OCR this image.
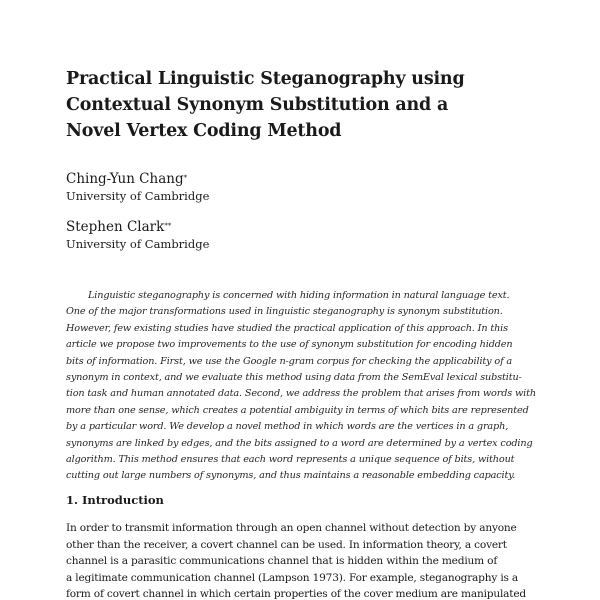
Practical Linguistic Steganography using
Contextual Synonym Substitution and a
Novel Vertex Coding Method
Ching-Yun Chang*
University of Cambridge
Stephen Clark**
University of Cambridge
Linguistic steganography is concerned with hiding information in natural language text.
One of the major transformations used in linguistic steganography is synonym substitution.
However, few existing studies have studied the practical application of this approach. In this
article we propose two improvements to the use of synonym substitution for encoding hidden
bits of information. First, we use the Google n-gram corpus for checking the applicability of a
synonym in context, and we evaluate this method using data from the SemEval lexical substitu-
tion task and human annotated data. Second, we address the problem that arises from words with
more than one sense, which creates a potential ambiguity in terms of which bits are represented
by a particular word. We develop a novel method in which words are the vertices in a graph,
synonyms are linked by edges, and the bits assigned to a word are determined by a vertex coding
algorithm. This method ensures that each word represents a unique sequence of bits, without
cutting out large numbers of synonyms, and thus maintains a reasonable embedding capacity.
1. Introduction
In order to transmit information through an open channel without detection by anyone
other than the receiver, a covert channel can be used. In information theory, a covert
channel is a parasitic communications channel that is hidden within the medium of
a legitimate communication channel (Lampson 1973). For example, steganography is a
form of covert channel in which certain properties of the cover medium are manipulated
